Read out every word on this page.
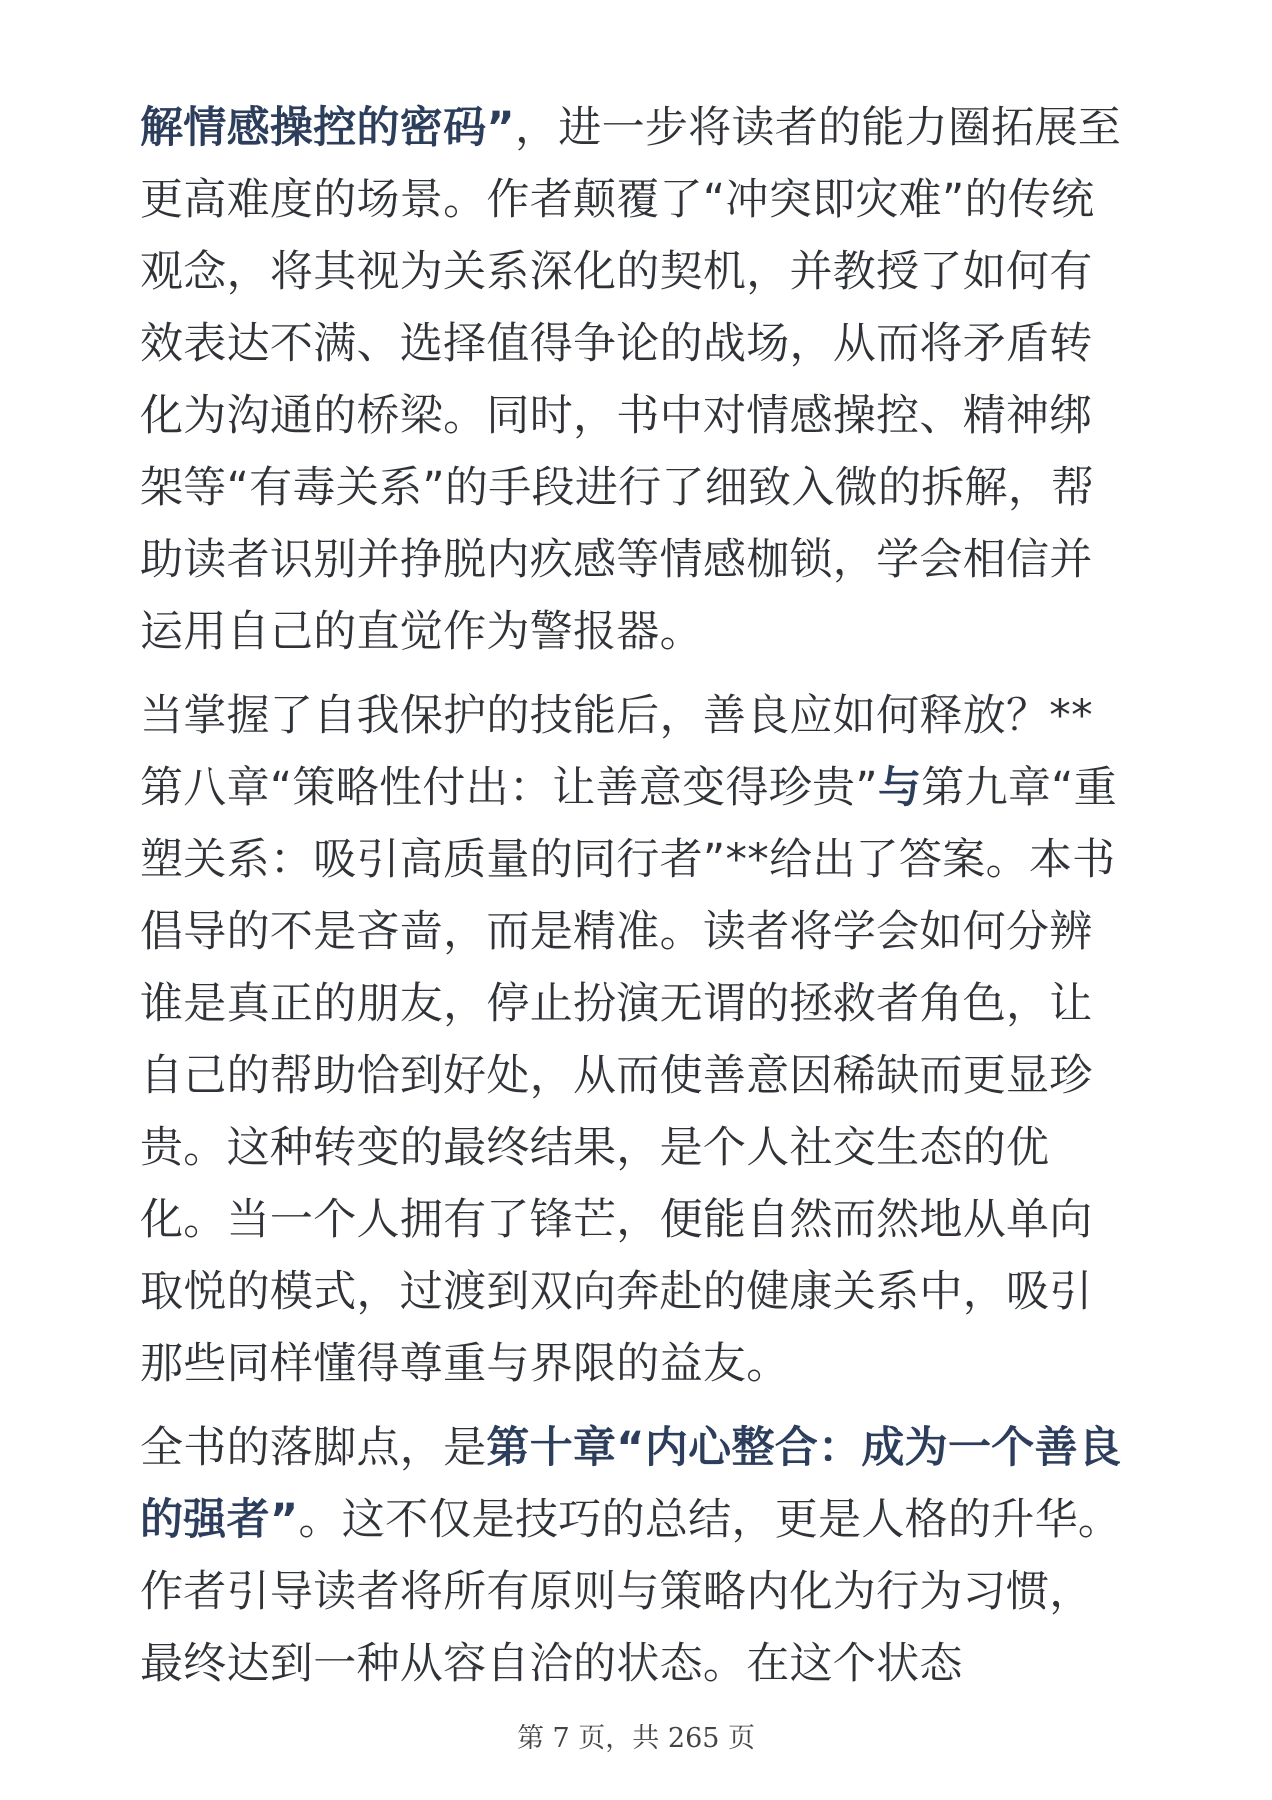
解情感操控的密码”，进一步将读者的能力圈拓展至更高难度的场景。作者颠覆了“冲突即灾难”的传统观念，将其视为关系深化的契机，并教授了如何有效表达不满、选择值得争论的战场，从而将矛盾转化为沟通的桥梁。同时，书中对情感操控、精神绑架等“有毒关系”的手段进行了细致入微的拆解，帮助读者识别并挣脱内疚感等情感枷锁，学会相信并运用自己的直觉作为警报器。

当掌握了自我保护的技能后，善良应如何释放？**第八章“策略性付出：让善意变得珍贵”与第九章“重塑关系：吸引高质量的同行者”**给出了答案。本书倡导的不是吝啬，而是精准。读者将学会如何分辨谁是真正的朋友，停止扮演无谓的拯救者角色，让自己的帮助恰到好处，从而使善意因稀缺而更显珍贵。这种转变的最终结果，是个人社交生态的优化。当一个人拥有了锋芒，便能自然而然地从单向取悦的模式，过渡到双向奔赴的健康关系中，吸引那些同样懂得尊重与界限的益友。

全书的落脚点，是第十章“内心整合：成为一个善良的强者”。这不仅是技巧的总结，更是人格的升华。作者引导读者将所有原则与策略内化为行为习惯，最终达到一种从容自洽的状态。在这个状态

第 7 页，共 265 页
